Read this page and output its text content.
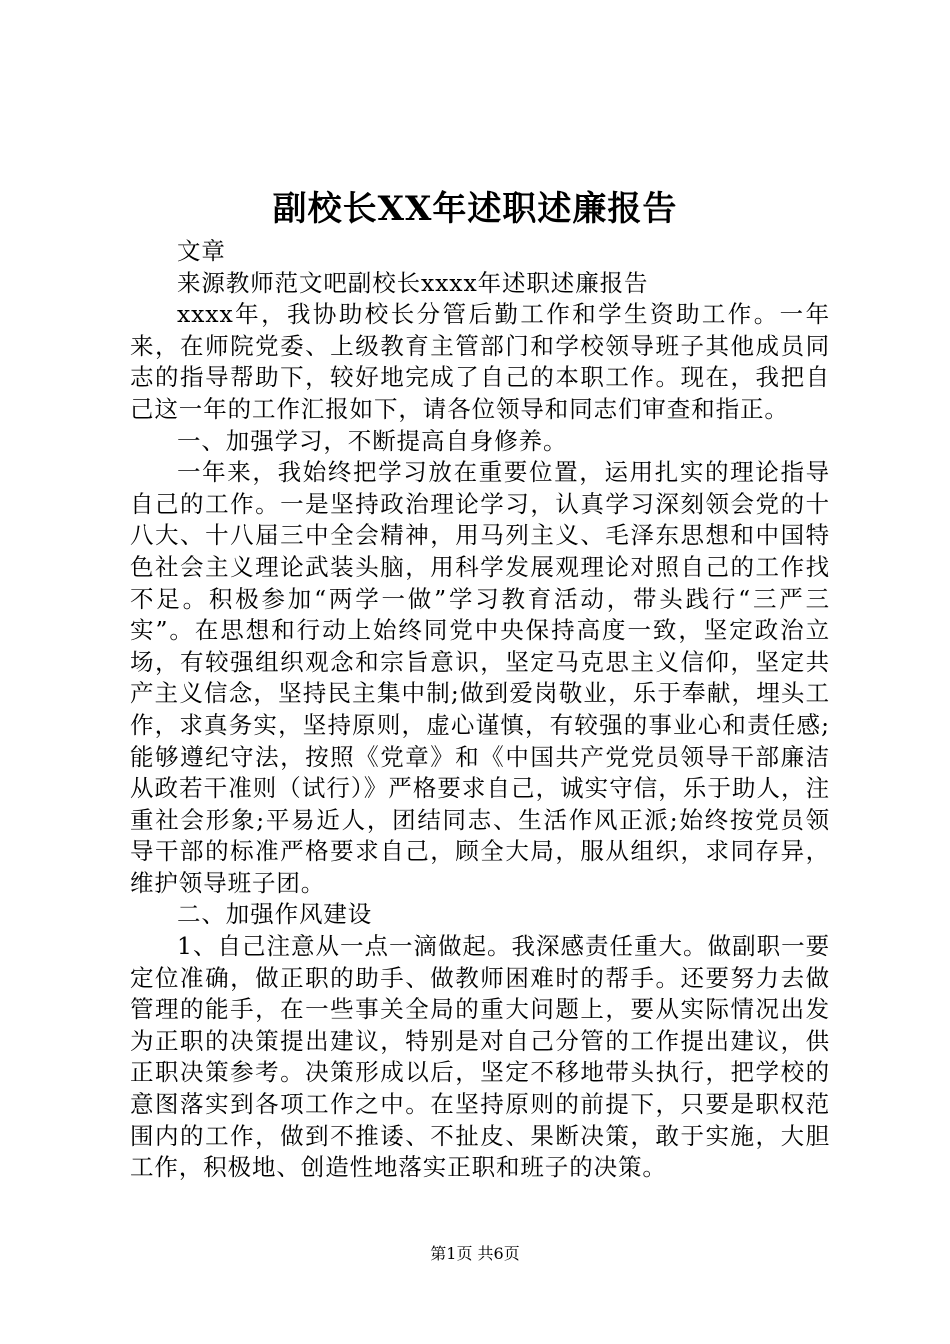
副校长XX年述职述廉报告

文章

来源教师范文吧副校长xxxx年述职述廉报告

xxxx年，我协助校长分管后勤工作和学生资助工作。一年来，在师院党委、上级教育主管部门和学校领导班子其他成员同志的指导帮助下，较好地完成了自己的本职工作。现在，我把自己这一年的工作汇报如下，请各位领导和同志们审查和指正。

一、加强学习，不断提高自身修养。

一年来，我始终把学习放在重要位置，运用扎实的理论指导自己的工作。一是坚持政治理论学习，认真学习深刻领会党的十八大、十八届三中全会精神，用马列主义、毛泽东思想和中国特色社会主义理论武装头脑，用科学发展观理论对照自己的工作找不足。积极参加“两学一做”学习教育活动，带头践行“三严三实”。在思想和行动上始终同党中央保持高度一致，坚定政治立场，有较强组织观念和宗旨意识，坚定马克思主义信仰，坚定共产主义信念，坚持民主集中制;做到爱岗敬业，乐于奉献，埋头工作，求真务实，坚持原则，虚心谨慎，有较强的事业心和责任感;能够遵纪守法，按照《党章》和《中国共产党党员领导干部廉洁从政若干准则（试行）》严格要求自己，诚实守信，乐于助人，注重社会形象;平易近人，团结同志、生活作风正派;始终按党员领导干部的标准严格要求自己，顾全大局，服从组织，求同存异，维护领导班子团。

二、加强作风建设

1、自己注意从一点一滴做起。我深感责任重大。做副职一要定位准确，做正职的助手、做教师困难时的帮手。还要努力去做管理的能手，在一些事关全局的重大问题上，要从实际情况出发为正职的决策提出建议，特别是对自己分管的工作提出建议，供正职决策参考。决策形成以后，坚定不移地带头执行，把学校的意图落实到各项工作之中。在坚持原则的前提下，只要是职权范围内的工作，做到不推诿、不扯皮、果断决策，敢于实施，大胆工作，积极地、创造性地落实正职和班子的决策。

第1页 共6页
